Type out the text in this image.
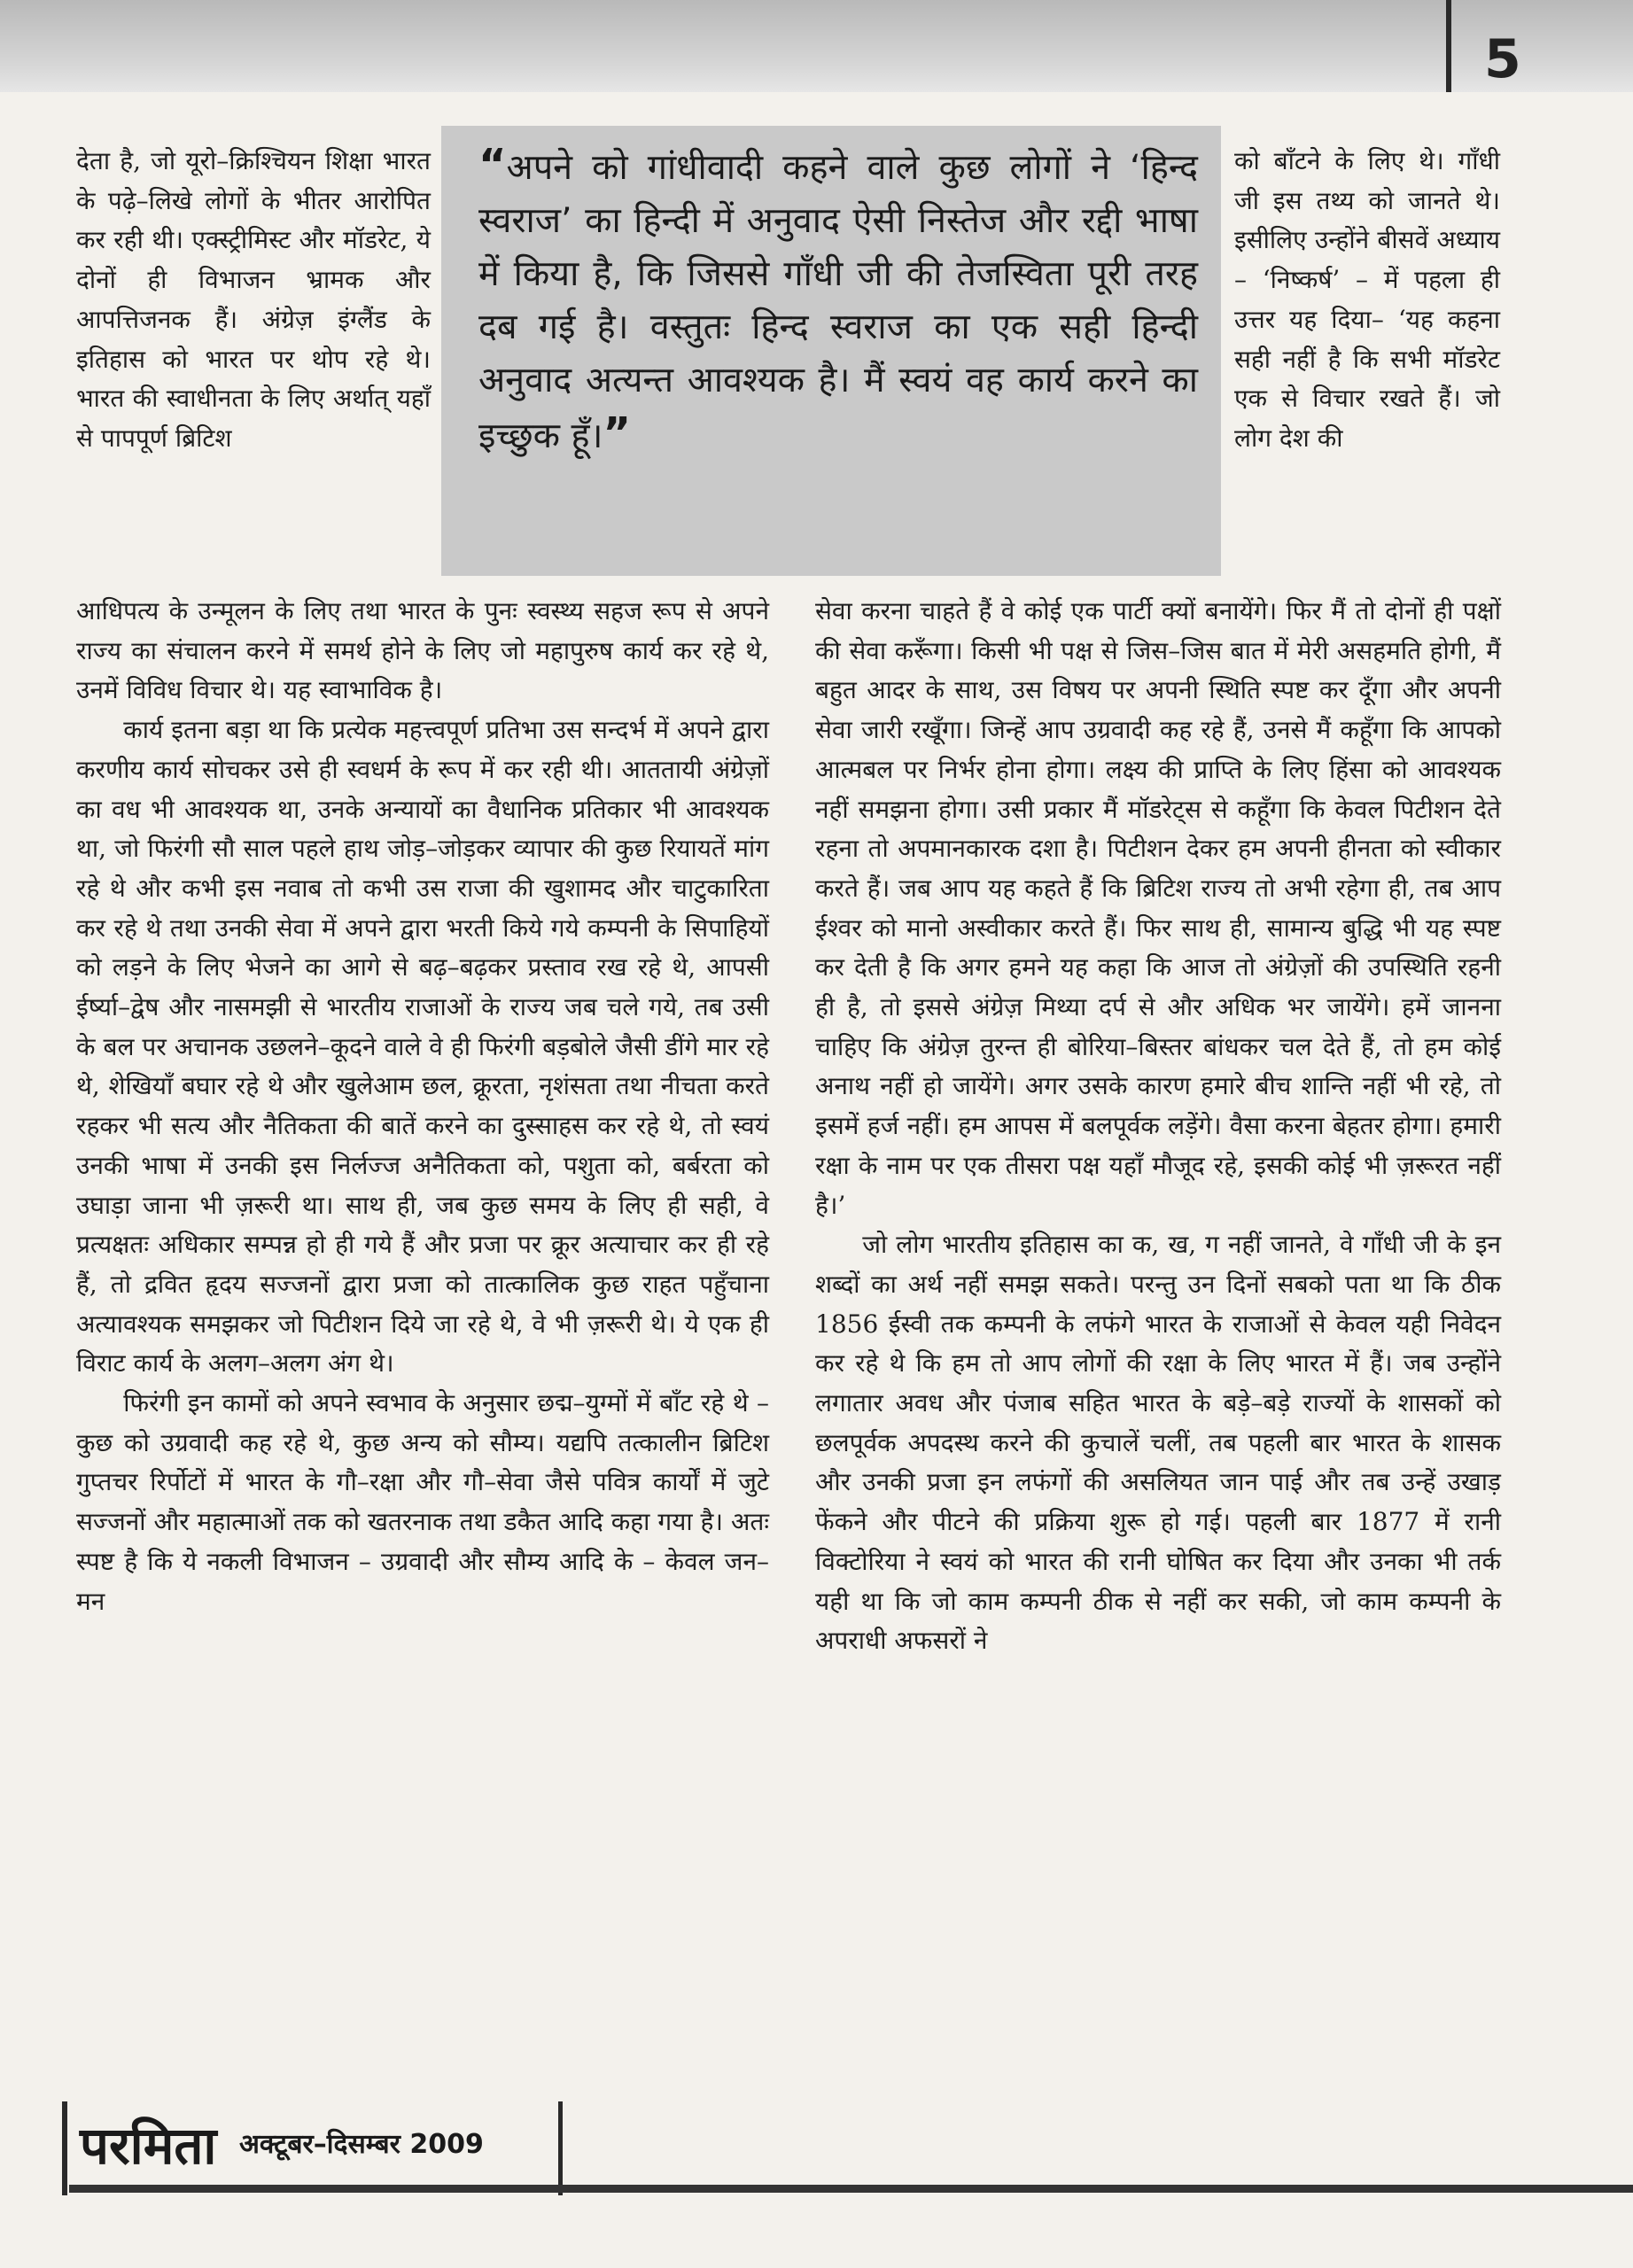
5

देता है, जो यूरो–क्रिश्चियन शिक्षा भारत के पढ़े–लिखे लोगों के भीतर आरोपित कर रही थी। एक्स्ट्रीमिस्ट और मॉडरेट, ये दोनों ही विभाजन भ्रामक और आपत्तिजनक हैं। अंग्रेज़ इंग्लैंड के इतिहास को भारत पर थोप रहे थे। भारत की स्वाधीनता के लिए अर्थात् यहाँ से पापपूर्ण ब्रिटिश

“अपने को गांधीवादी कहने वाले कुछ लोगों ने ‘हिन्द स्वराज’ का हिन्दी में अनुवाद ऐसी निस्तेज और रद्दी भाषा में किया है, कि जिससे गाँधी जी की तेजस्विता पूरी तरह दब गई है। वस्तुतः हिन्द स्वराज का एक सही हिन्दी अनुवाद अत्यन्त आवश्यक है। मैं स्वयं वह कार्य करने का इच्छुक हूँ।”

को बाँटने के लिए थे। गाँधी जी इस तथ्य को जानते थे। इसीलिए उन्होंने बीसवें अध्याय – ‘निष्कर्ष’ – में पहला ही उत्तर यह दिया– ‘यह कहना सही नहीं है कि सभी मॉडरेट एक से विचार रखते हैं। जो लोग देश की

आधिपत्य के उन्मूलन के लिए तथा भारत के पुनः स्वस्थ्य सहज रूप से अपने राज्य का संचालन करने में समर्थ होने के लिए जो महापुरुष कार्य कर रहे थे, उनमें विविध विचार थे। यह स्वाभाविक है।

कार्य इतना बड़ा था कि प्रत्येक महत्त्वपूर्ण प्रतिभा उस सन्दर्भ में अपने द्वारा करणीय कार्य सोचकर उसे ही स्वधर्म के रूप में कर रही थी। आततायी अंग्रेज़ों का वध भी आवश्यक था, उनके अन्यायों का वैधानिक प्रतिकार भी आवश्यक था, जो फिरंगी सौ साल पहले हाथ जोड़–जोड़कर व्यापार की कुछ रियायतें मांग रहे थे और कभी इस नवाब तो कभी उस राजा की खुशामद और चाटुकारिता कर रहे थे तथा उनकी सेवा में अपने द्वारा भरती किये गये कम्पनी के सिपाहियों को लड़ने के लिए भेजने का आगे से बढ़–बढ़कर प्रस्ताव रख रहे थे, आपसी ईर्ष्या–द्वेष और नासमझी से भारतीय राजाओं के राज्य जब चले गये, तब उसी के बल पर अचानक उछलने–कूदने वाले वे ही फिरंगी बड़बोले जैसी डींगे मार रहे थे, शेखियाँ बघार रहे थे और खुलेआम छल, क्रूरता, नृशंसता तथा नीचता करते रहकर भी सत्य और नैतिकता की बातें करने का दुस्साहस कर रहे थे, तो स्वयं उनकी भाषा में उनकी इस निर्लज्ज अनैतिकता को, पशुता को, बर्बरता को उघाड़ा जाना भी ज़रूरी था। साथ ही, जब कुछ समय के लिए ही सही, वे प्रत्यक्षतः अधिकार सम्पन्न हो ही गये हैं और प्रजा पर क्रूर अत्याचार कर ही रहे हैं, तो द्रवित हृदय सज्जनों द्वारा प्रजा को तात्कालिक कुछ राहत पहुँचाना अत्यावश्यक समझकर जो पिटीशन दिये जा रहे थे, वे भी ज़रूरी थे। ये एक ही विराट कार्य के अलग–अलग अंग थे।

फिरंगी इन कामों को अपने स्वभाव के अनुसार छद्म–युग्मों में बाँट रहे थे – कुछ को उग्रवादी कह रहे थे, कुछ अन्य को सौम्य। यद्यपि तत्कालीन ब्रिटिश गुप्तचर रिर्पोटों में भारत के गौ–रक्षा और गौ–सेवा जैसे पवित्र कार्यों में जुटे सज्जनों और महात्माओं तक को खतरनाक तथा डकैत आदि कहा गया है। अतः स्पष्ट है कि ये नकली विभाजन – उग्रवादी और सौम्य आदि के – केवल जन–मन

सेवा करना चाहते हैं वे कोई एक पार्टी क्यों बनायेंगे। फिर मैं तो दोनों ही पक्षों की सेवा करूँगा। किसी भी पक्ष से जिस–जिस बात में मेरी असहमति होगी, मैं बहुत आदर के साथ, उस विषय पर अपनी स्थिति स्पष्ट कर दूँगा और अपनी सेवा जारी रखूँगा। जिन्हें आप उग्रवादी कह रहे हैं, उनसे मैं कहूँगा कि आपको आत्मबल पर निर्भर होना होगा। लक्ष्य की प्राप्ति के लिए हिंसा को आवश्यक नहीं समझना होगा। उसी प्रकार मैं मॉडरेट्स से कहूँगा कि केवल पिटीशन देते रहना तो अपमानकारक दशा है। पिटीशन देकर हम अपनी हीनता को स्वीकार करते हैं। जब आप यह कहते हैं कि ब्रिटिश राज्य तो अभी रहेगा ही, तब आप ईश्वर को मानो अस्वीकार करते हैं। फिर साथ ही, सामान्य बुद्धि भी यह स्पष्ट कर देती है कि अगर हमने यह कहा कि आज तो अंग्रेज़ों की उपस्थिति रहनी ही है, तो इससे अंग्रेज़ मिथ्या दर्प से और अधिक भर जायेंगे। हमें जानना चाहिए कि अंग्रेज़ तुरन्त ही बोरिया–बिस्तर बांधकर चल देते हैं, तो हम कोई अनाथ नहीं हो जायेंगे। अगर उसके कारण हमारे बीच शान्ति नहीं भी रहे, तो इसमें हर्ज नहीं। हम आपस में बलपूर्वक लड़ेंगे। वैसा करना बेहतर होगा। हमारी रक्षा के नाम पर एक तीसरा पक्ष यहाँ मौजूद रहे, इसकी कोई भी ज़रूरत नहीं है।’

जो लोग भारतीय इतिहास का क, ख, ग नहीं जानते, वे गाँधी जी के इन शब्दों का अर्थ नहीं समझ सकते। परन्तु उन दिनों सबको पता था कि ठीक 1856 ईस्वी तक कम्पनी के लफंगे भारत के राजाओं से केवल यही निवेदन कर रहे थे कि हम तो आप लोगों की रक्षा के लिए भारत में हैं। जब उन्होंने लगातार अवध और पंजाब सहित भारत के बड़े–बड़े राज्यों के शासकों को छलपूर्वक अपदस्थ करने की कुचालें चलीं, तब पहली बार भारत के शासक और उनकी प्रजा इन लफंगों की असलियत जान पाई और तब उन्हें उखाड़ फेंकने और पीटने की प्रक्रिया शुरू हो गई। पहली बार 1877 में रानी विक्टोरिया ने स्वयं को भारत की रानी घोषित कर दिया और उनका भी तर्क यही था कि जो काम कम्पनी ठीक से नहीं कर सकी, जो काम कम्पनी के अपराधी अफसरों ने

परमिता अक्टूबर–दिसम्बर 2009
